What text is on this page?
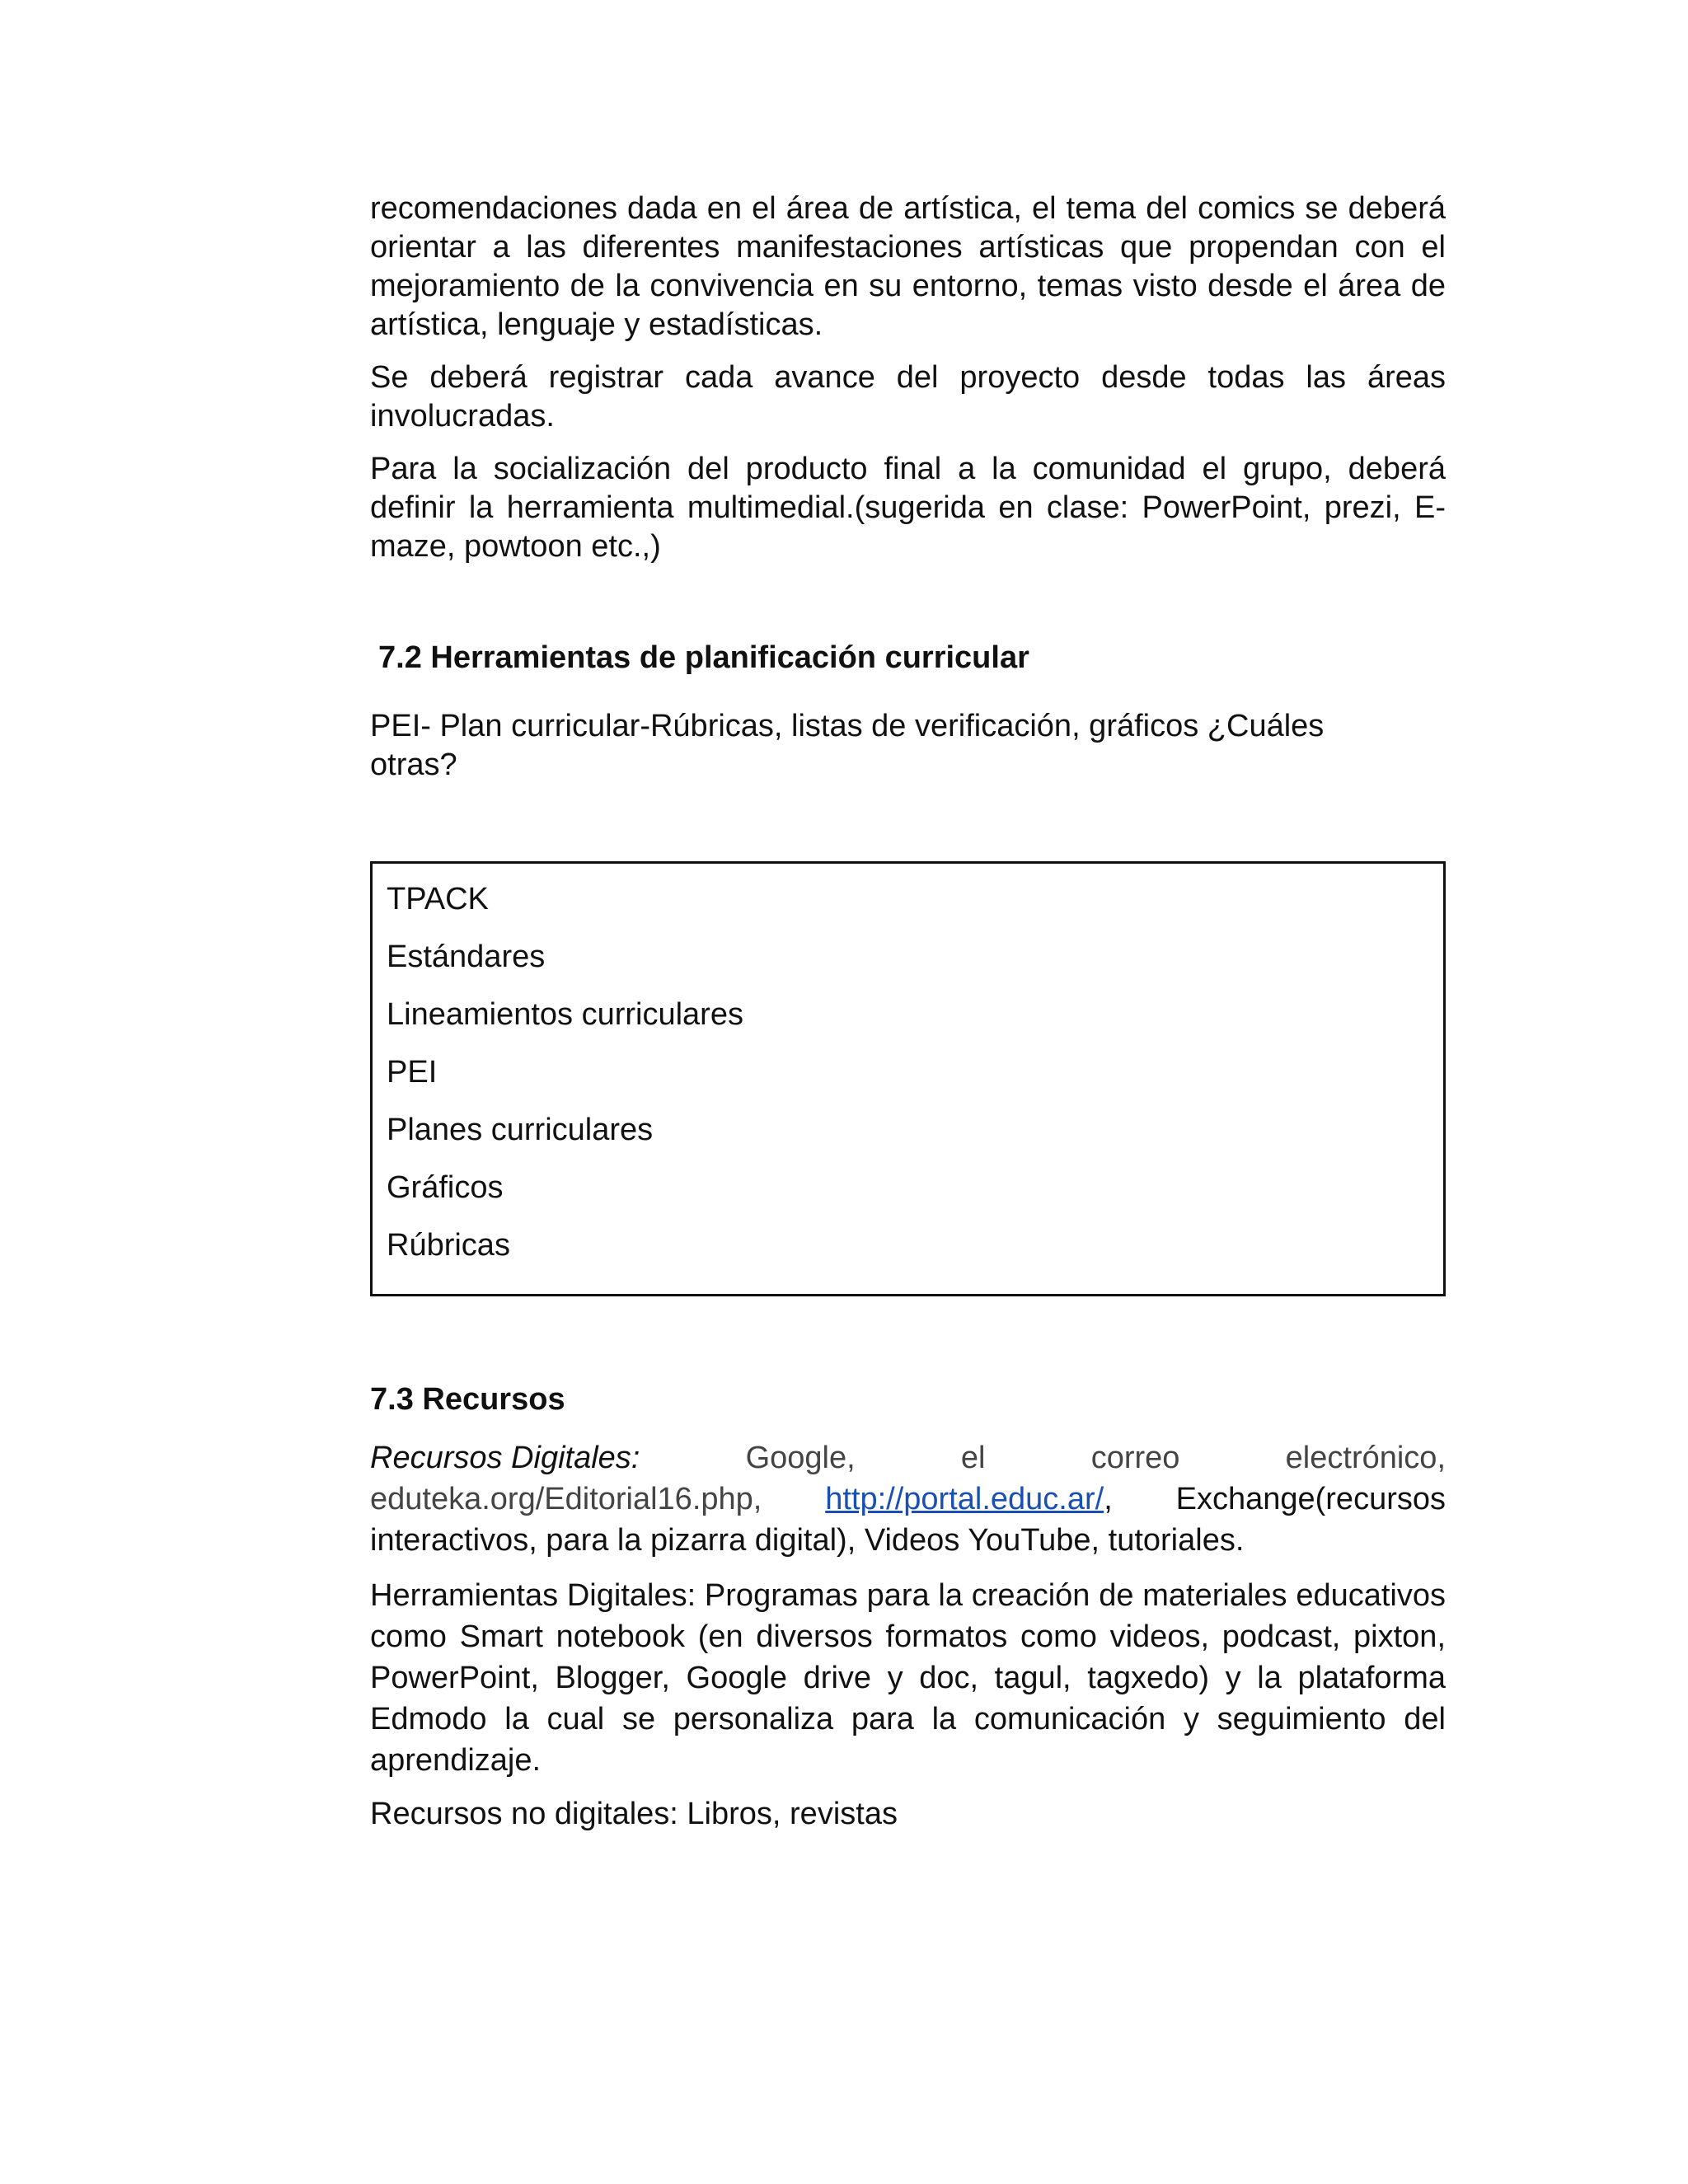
recomendaciones dada en el área de artística, el tema del comics se deberá orientar a las diferentes manifestaciones artísticas que propendan con el mejoramiento de la convivencia en su entorno, temas visto desde el área de artística, lenguaje y estadísticas.

Se deberá registrar cada avance del proyecto desde todas las áreas involucradas.

Para la socialización del producto final a la comunidad el grupo, deberá definir la herramienta multimedial.(sugerida en clase: PowerPoint, prezi, E-maze, powtoon etc.,)

7.2 Herramientas de planificación curricular

PEI- Plan curricular-Rúbricas, listas de verificación, gráficos ¿Cuáles otras?

TPACK
Estándares
Lineamientos curriculares
PEI
Planes curriculares
Gráficos
Rúbricas
7.3 Recursos
Recursos Digitales:	Google,	el	correo	electrónico,
eduteka.org/Editorial16.php, http://portal.educ.ar/, Exchange(recursos
interactivos, para la pizarra digital), Videos YouTube, tutoriales.

Herramientas Digitales: Programas para la creación de materiales educativos como Smart notebook (en diversos formatos como videos, podcast, pixton, PowerPoint, Blogger, Google drive y doc, tagul, tagxedo) y la plataforma Edmodo la cual se personaliza para la comunicación y seguimiento del aprendizaje.

Recursos no digitales: Libros, revistas
